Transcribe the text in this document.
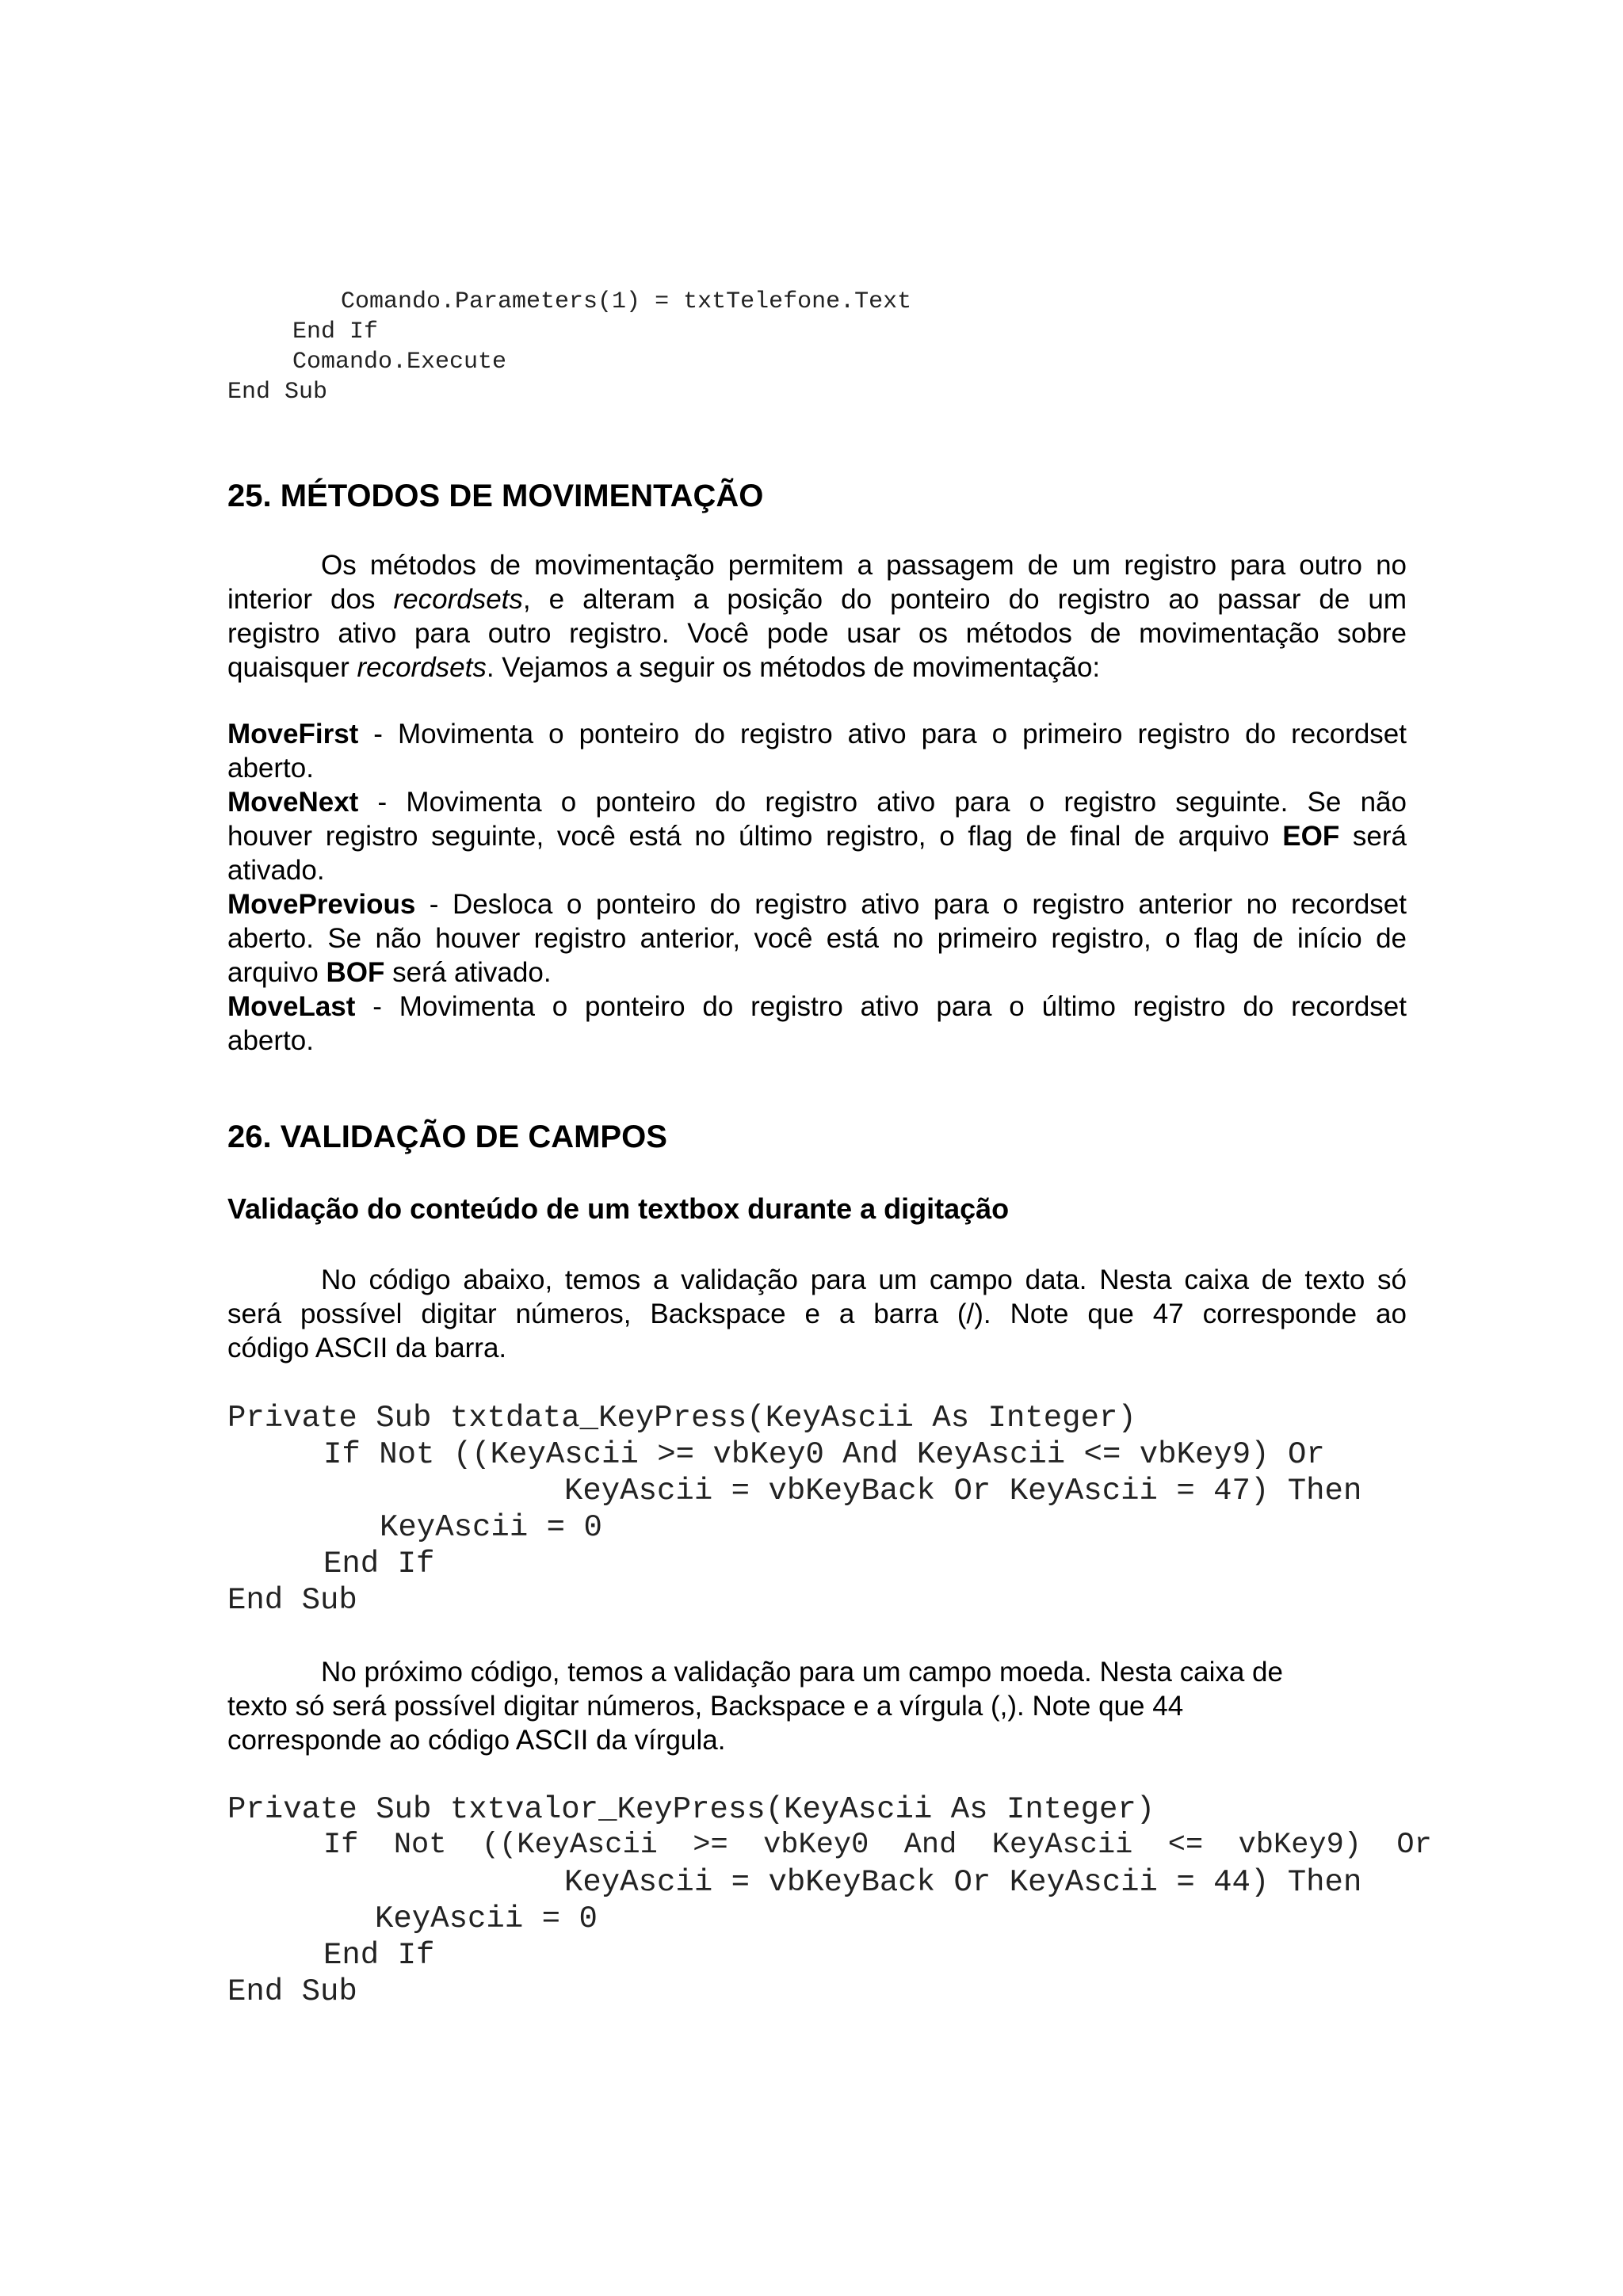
Comando.Parameters(1) = txtTelefone.Text

End If

Comando.Execute

End Sub

25. MÉTODOS DE MOVIMENTAÇÃO

Os métodos de movimentação permitem a passagem de um registro para outro no

interior dos recordsets, e alteram a posição do ponteiro do registro ao passar de um

registro ativo para outro registro. Você pode usar os métodos de movimentação sobre

quaisquer recordsets. Vejamos a seguir os métodos de movimentação:

MoveFirst - Movimenta o ponteiro do registro ativo para o primeiro registro do recordset

aberto.

MoveNext - Movimenta o ponteiro do registro ativo para o registro seguinte. Se não

houver registro seguinte, você está no último registro, o flag de final de arquivo EOF será

ativado.

MovePrevious - Desloca o ponteiro do registro ativo para o registro anterior no recordset

aberto. Se não houver registro anterior, você está no primeiro registro, o flag de início de

arquivo BOF será ativado.

MoveLast - Movimenta o ponteiro do registro ativo para o último registro do recordset

aberto.

26. VALIDAÇÃO DE CAMPOS
Validação do conteúdo de um textbox durante a digitação

No código abaixo, temos a validação para um campo data. Nesta caixa de texto só

será possível digitar números, Backspace e a barra (/). Note que 47 corresponde ao

código ASCII da barra.

Private Sub txtdata_KeyPress(KeyAscii As Integer)

If Not ((KeyAscii >= vbKey0 And KeyAscii <= vbKey9) Or

KeyAscii = vbKeyBack Or KeyAscii = 47) Then

KeyAscii = 0

End If

End Sub

No próximo código, temos a validação para um campo moeda. Nesta caixa de

texto só será possível digitar números, Backspace e a vírgula (,). Note que 44

corresponde ao código ASCII da vírgula.

Private Sub txtvalor_KeyPress(KeyAscii As Integer)

If  Not  ((KeyAscii  >=  vbKey0  And  KeyAscii  <=  vbKey9)  Or

KeyAscii = vbKeyBack Or KeyAscii = 44) Then

KeyAscii = 0

End If

End Sub
